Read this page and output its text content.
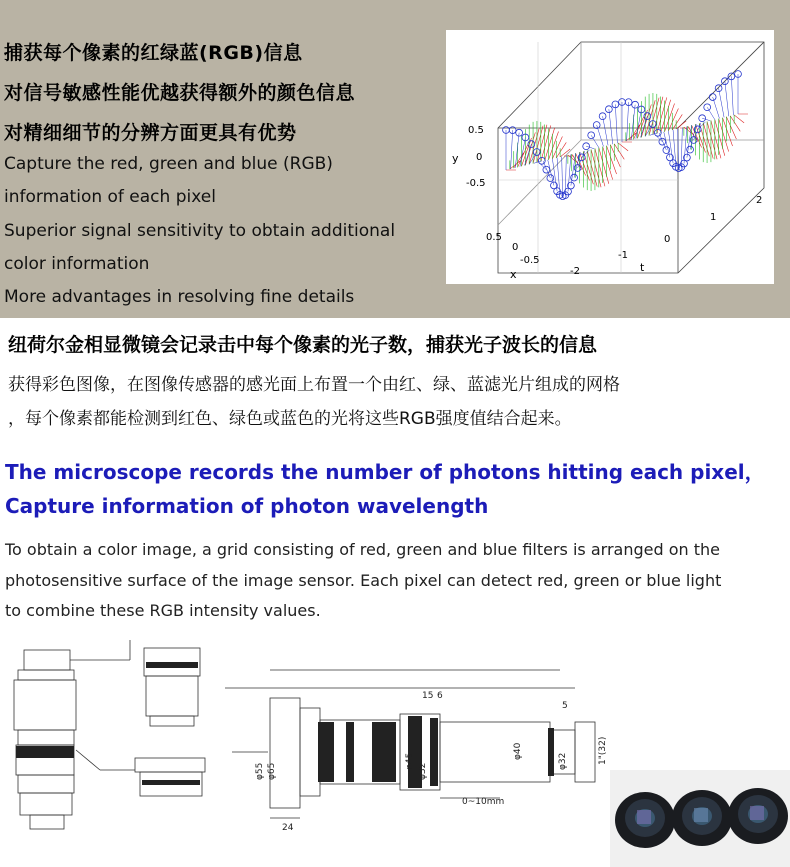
捕获每个像素的红绿蓝(RGB)信息
对信号敏感性能优越获得额外的颜色信息
对精细细节的分辨方面更具有优势
Capture the red, green and blue (RGB)
information of each pixel
Superior signal sensitivity to obtain additional
color information
More advantages in resolving fine details
y
0.5
0
-0.5
0.5
0
-0.5
x	-2
-1
0
1
2
t
纽荷尔金相显微镜会记录击中每个像素的光子数，捕获光子波长的信息
获得彩色图像，在图像传感器的感光面上布置一个由红、绿、蓝滤光片组成的网格
，每个像素都能检测到红色、绿色或蓝色的光将这些RGB强度值结合起来。
The microscope records the number of photons hitting each pixel，
Capture information of photon wavelength
To obtain a color image, a grid consisting of red, green and blue filters is arranged on the
photosensitive surface of the image sensor. Each pixel can detect red, green or blue light
to combine these RGB intensity values.
15 6
5
24
0~10mm
φ55 φ65
φ40
φ45
φ32
φ32	1"(32)
